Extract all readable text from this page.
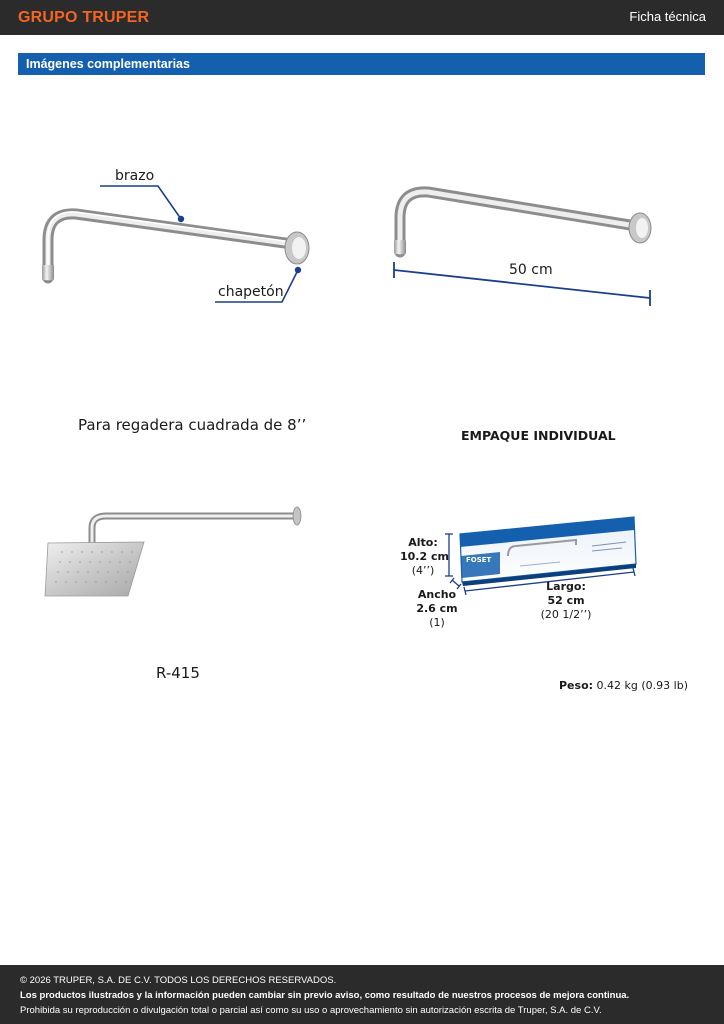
GRUPO TRUPER	Ficha técnica
Imágenes complementarias
brazo
chapetón
50 cm
Para regadera cuadrada de 8’’
EMPAQUE INDIVIDUAL
R-415
FOSET
Alto:
10.2 cm
(4’’)
Ancho
2.6 cm
(1)
Largo:
52 cm
(20 1/2’’)
Peso: 0.42 kg (0.93 lb)
© 2026 TRUPER, S.A. DE C.V. TODOS LOS DERECHOS RESERVADOS.
Los productos ilustrados y la información pueden cambiar sin previo aviso, como resultado de nuestros procesos de mejora continua.
Prohibida su reproducción o divulgación total o parcial así como su uso o aprovechamiento sin autorización escrita de Truper, S.A. de C.V.
